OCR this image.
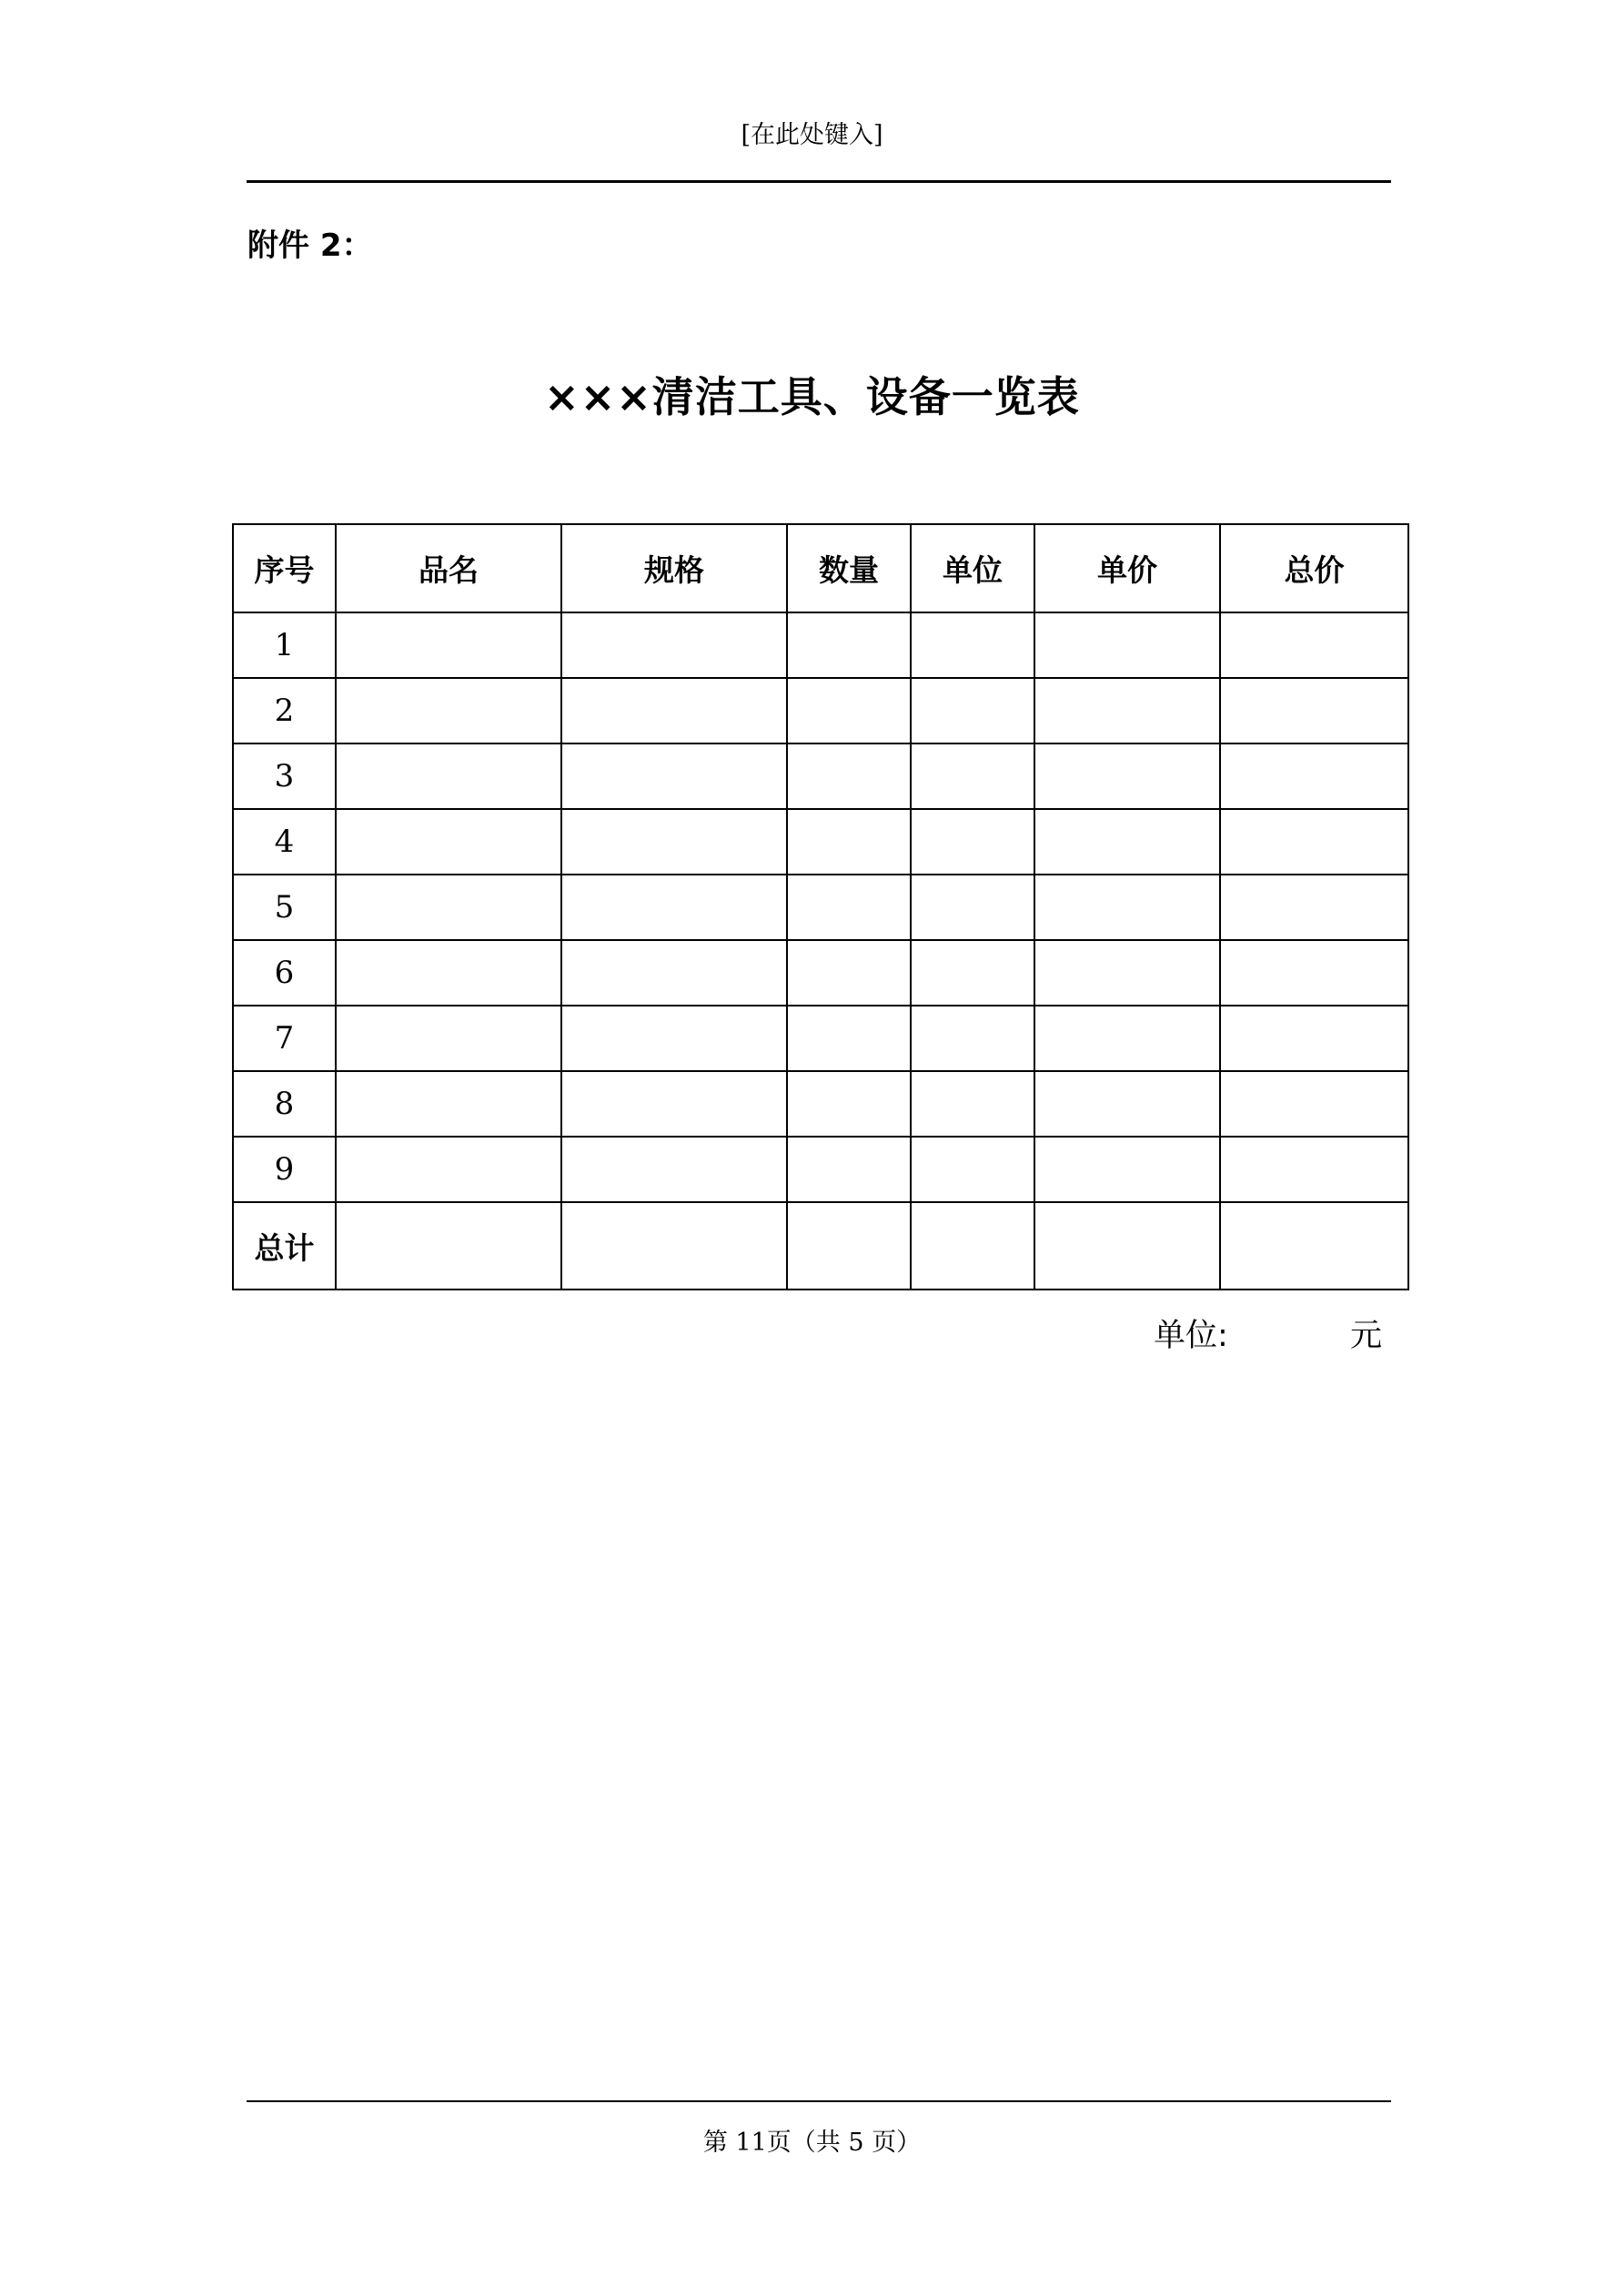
[在此处键入]
附件 2：
×××清洁工具、设备一览表
序号	品名	规格	数量	单位	单价	总价
1						
2						
3						
4						
5						
6						
7						
8						
9						
总计						
单位:	元
第 11页（共 5 页）
